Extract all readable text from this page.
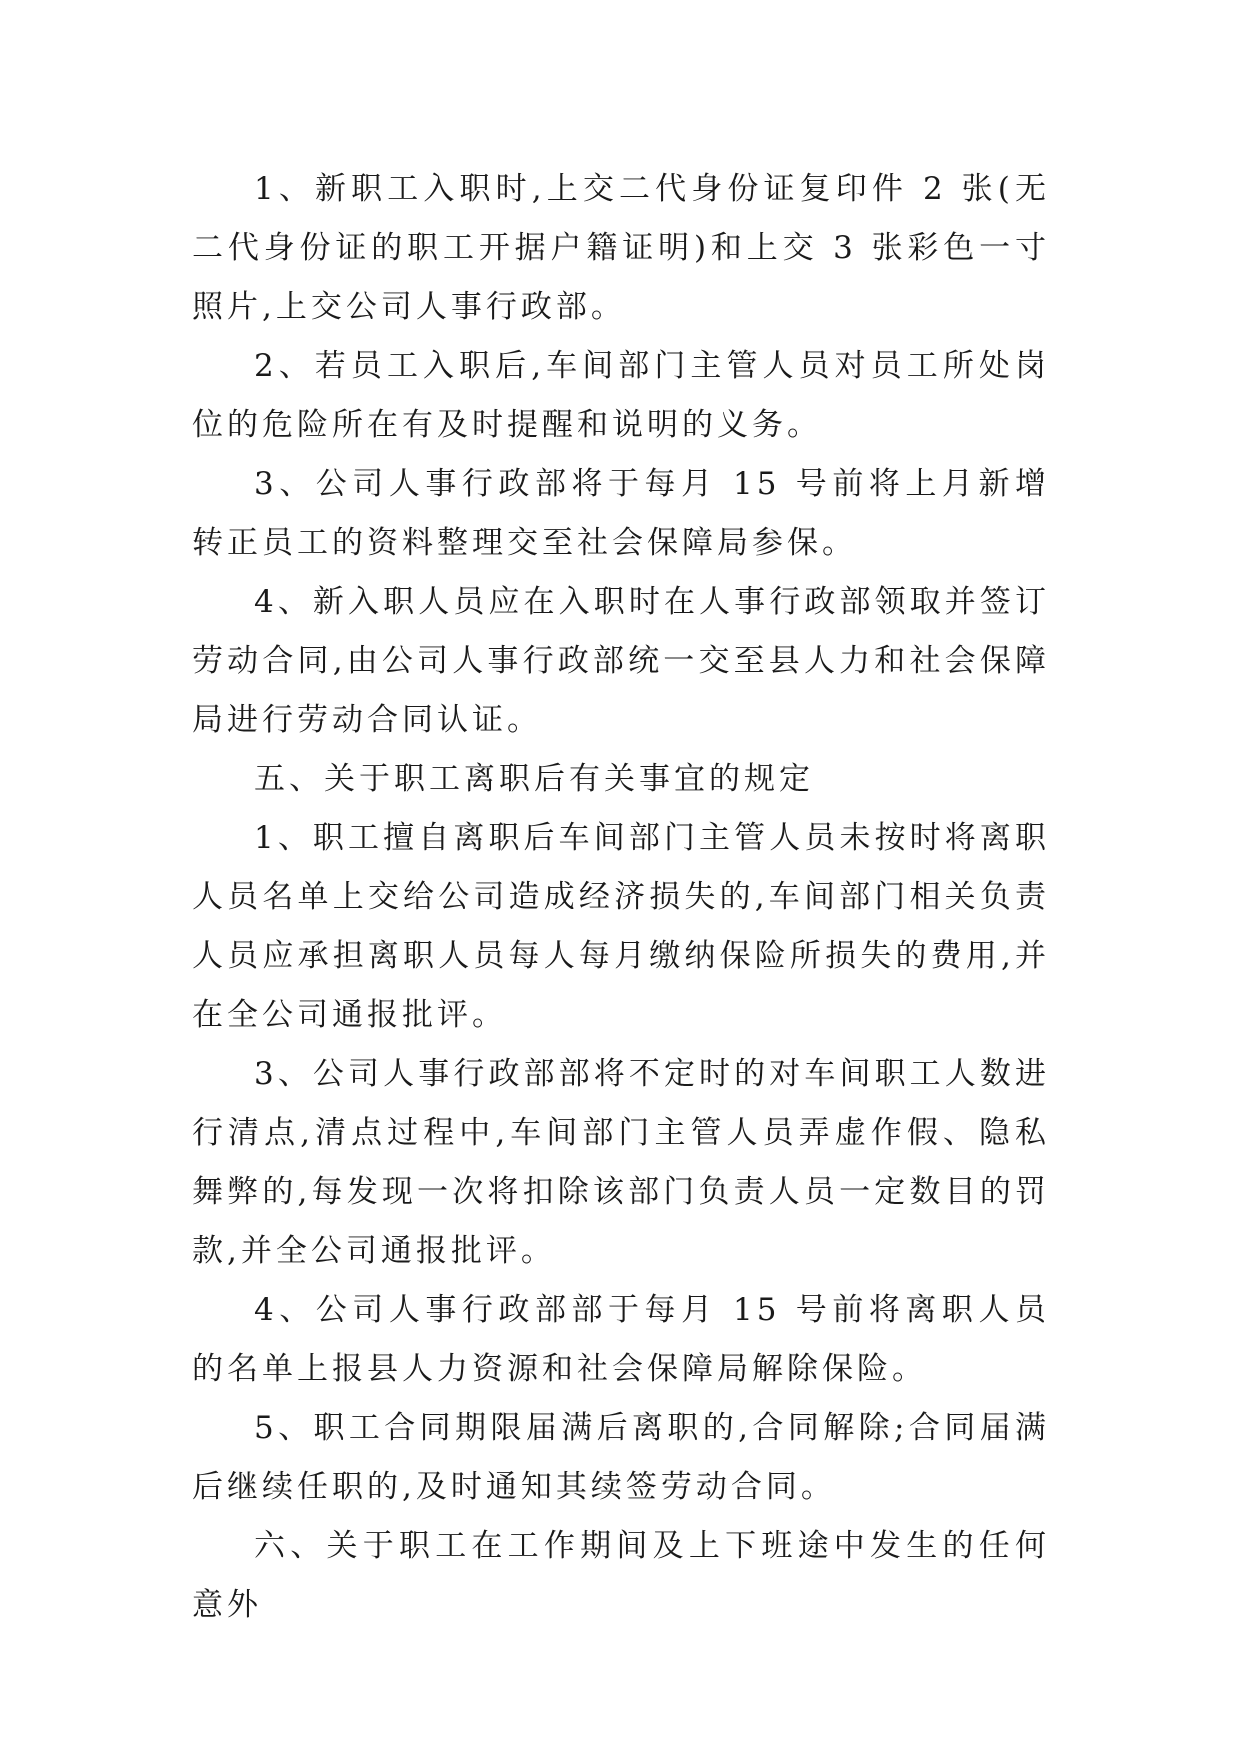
1、新职工入职时,上交二代身份证复印件 2 张(无二代身份证的职工开据户籍证明)和上交 3 张彩色一寸照片,上交公司人事行政部。

2、若员工入职后,车间部门主管人员对员工所处岗位的危险所在有及时提醒和说明的义务。

3、公司人事行政部将于每月 15 号前将上月新增转正员工的资料整理交至社会保障局参保。

4、新入职人员应在入职时在人事行政部领取并签订劳动合同,由公司人事行政部统一交至县人力和社会保障局进行劳动合同认证。

五、关于职工离职后有关事宜的规定

1、职工擅自离职后车间部门主管人员未按时将离职人员名单上交给公司造成经济损失的,车间部门相关负责人员应承担离职人员每人每月缴纳保险所损失的费用,并在全公司通报批评。

3、公司人事行政部部将不定时的对车间职工人数进行清点,清点过程中,车间部门主管人员弄虚作假、隐私舞弊的,每发现一次将扣除该部门负责人员一定数目的罚款,并全公司通报批评。

4、公司人事行政部部于每月 15 号前将离职人员的名单上报县人力资源和社会保障局解除保险。

5、职工合同期限届满后离职的,合同解除;合同届满后继续任职的,及时通知其续签劳动合同。

六、关于职工在工作期间及上下班途中发生的任何意外
